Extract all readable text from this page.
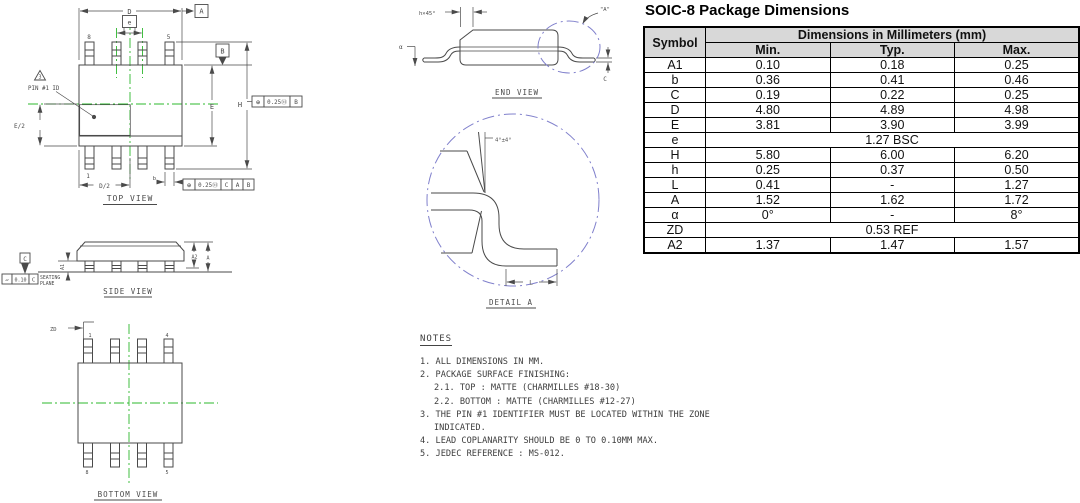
D	A
e
E	H ⊕ 0.25Ⓜ B
B
E/2
D/2
8	5
1	b
⊕ 0.25Ⓜ C A B
3
PIN #1 ID
TOP VIEW
A1
A2 A
C
▱ 0.10 C SEATING
PLANE
SIDE VIEW
ZD
1	4
8	5
BOTTOM VIEW
C
h×45°
"A"
α
END VIEW
4°±4°
L
DETAIL A
NOTES
1. ALL DIMENSIONS IN MM.
2. PACKAGE SURFACE FINISHING:
2.1. TOP : MATTE (CHARMILLES #18-30)
2.2. BOTTOM : MATTE (CHARMILLES #12-27)
3. THE PIN #1 IDENTIFIER MUST BE LOCATED WITHIN THE ZONE
INDICATED.
4. LEAD COPLANARITY SHOULD BE 0 TO 0.10MM MAX.
5. JEDEC REFERENCE : MS-012.
SOIC-8 Package Dimensions
Symbol	Dimensions in Millimeters (mm)		
	Min.	Typ.	Max.
A1	0.10	0.18	0.25
b	0.36	0.41	0.46
C	0.19	0.22	0.25
D	4.80	4.89	4.98
E	3.81	3.90	3.99
e	1.27 BSC		
H	5.80	6.00	6.20
h	0.25	0.37	0.50
L	0.41	-	1.27
A	1.52	1.62	1.72
α	0°	-	8°
ZD	0.53 REF		
A2	1.37	1.47	1.57
